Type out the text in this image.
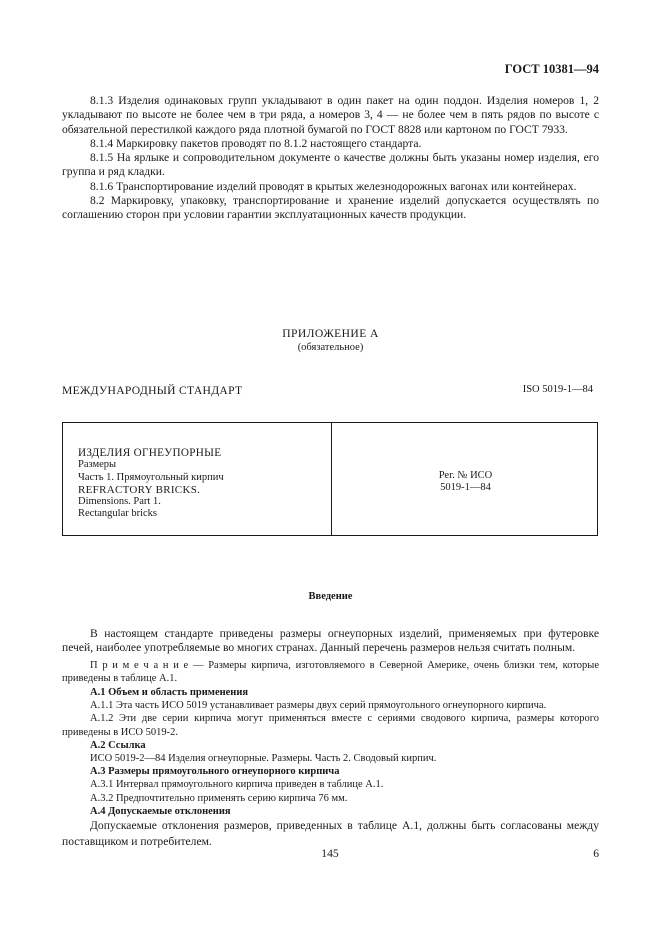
ГОСТ 10381—94
8.1.3 Изделия одинаковых групп укладывают в один пакет на один поддон. Изделия номеров 1, 2 укладывают по высоте не более чем в три ряда, а номеров 3, 4 — не более чем в пять рядов по высоте с обязательной перестилкой каждого ряда плотной бумагой по ГОСТ 8828 или картоном по ГОСТ 7933.
8.1.4 Маркировку пакетов проводят по 8.1.2 настоящего стандарта.
8.1.5 На ярлыке и сопроводительном документе о качестве должны быть указаны номер изделия, его группа и ряд кладки.
8.1.6 Транспортирование изделий проводят в крытых железнодорожных вагонах или контейнерах.
8.2 Маркировку, упаковку, транспортирование и хранение изделий допускается осуществлять по соглашению сторон при условии гарантии эксплуатационных качеств продукции.
ПРИЛОЖЕНИЕ А
(обязательное)
МЕЖДУНАРОДНЫЙ СТАНДАРТ	ISO 5019-1—84
ИЗДЕЛИЯ ОГНЕУПОРНЫЕ
Размеры
Часть 1. Прямоугольный кирпич
REFRACTORY BRICKS.
Dimensions. Part 1.
Rectangular bricks
Рег. № ИСО
5019-1—84
Введение
В настоящем стандарте приведены размеры огнеупорных изделий, применяемых при футеровке печей, наиболее употребляемые во многих странах. Данный перечень размеров нельзя считать полным.
П р и м е ч а н и е — Размеры кирпича, изготовляемого в Северной Америке, очень близки тем, которые приведены в таблице А.1.
А.1 Объем и область применения
А.1.1 Эта часть ИСО 5019 устанавливает размеры двух серий прямоугольного огнеупорного кирпича.
А.1.2 Эти две серии кирпича могут применяться вместе с сериями сводового кирпича, размеры которого приведены в ИСО 5019-2.
А.2 Ссылка
ИСО 5019-2—84 Изделия огнеупорные. Размеры. Часть 2. Сводовый кирпич.
А.3 Размеры прямоугольного огнеупорного кирпича
А.3.1 Интервал прямоугольного кирпича приведен в таблице А.1.
А.3.2 Предпочтительно применять серию кирпича 76 мм.
А.4 Допускаемые отклонения
Допускаемые отклонения размеров, приведенных в таблице А.1, должны быть согласованы между поставщиком и потребителем.
145	6
